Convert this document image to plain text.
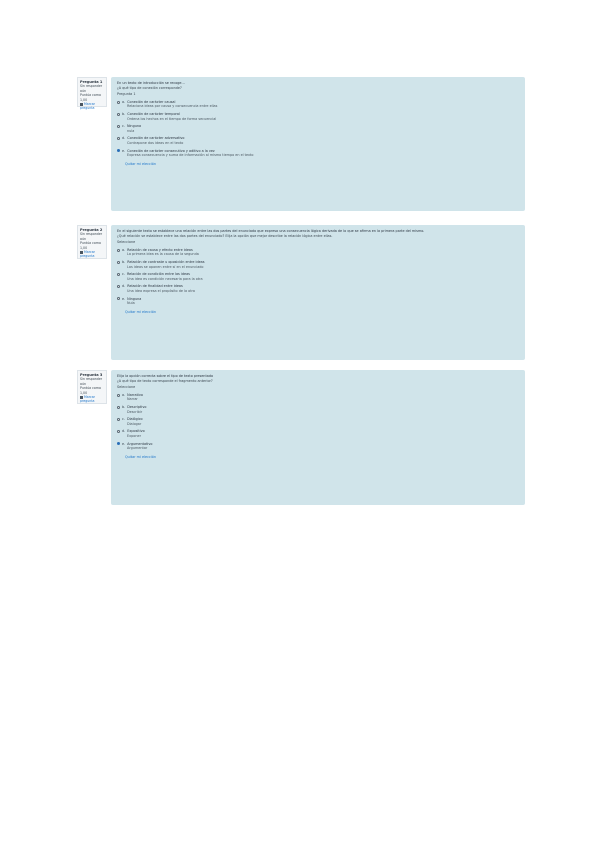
Pregunta 1
Sin responder aún
Puntúa como 1,00
Marcar pregunta
En un texto de introducción se recoge...
¿A qué tipo de conexión corresponde?
Pregunta 1
a. Conexión de carácter causal
Relaciona ideas por causa y consecuencia entre ellas
b. Conexión de carácter temporal
Ordena los hechos en el tiempo de forma secuencial
c. Ninguna
nula
d. Conexión de carácter adversativo
Contrapone dos ideas en el texto
e. Conexión de carácter consecutivo y aditivo a la vez
Expresa consecuencia y suma de información al mismo tiempo en el texto
Quitar mi elección
Pregunta 2
Sin responder aún
Puntúa como 1,00
Marcar pregunta
En el siguiente texto se establece una relación entre las dos partes del enunciado que expresa una consecuencia lógica derivada de lo que se afirma en la primera parte del mismo.
¿Qué relación se establece entre las dos partes del enunciado? Elija la opción que mejor describe la relación lógica entre ellas.
Seleccione
a. Relación de causa y efecto entre ideas
La primera idea es la causa de la segunda
b. Relación de contraste u oposición entre ideas
Las ideas se oponen entre sí en el enunciado
c. Relación de condición entre las ideas
Una idea es condición necesaria para la otra
d. Relación de finalidad entre ideas
Una idea expresa el propósito de la otra
e. Ninguna
Nula
Quitar mi elección
Pregunta 3
Sin responder aún
Puntúa como 1,00
Marcar pregunta
Elija la opción correcta sobre el tipo de texto presentado
¿A qué tipo de texto corresponde el fragmento anterior?
Seleccione
a. Narrativo
Narrar
b. Descriptivo
Describir
c. Dialógico
Dialogar
d. Expositivo
Exponer
e. Argumentativo
Argumentar
Quitar mi elección
